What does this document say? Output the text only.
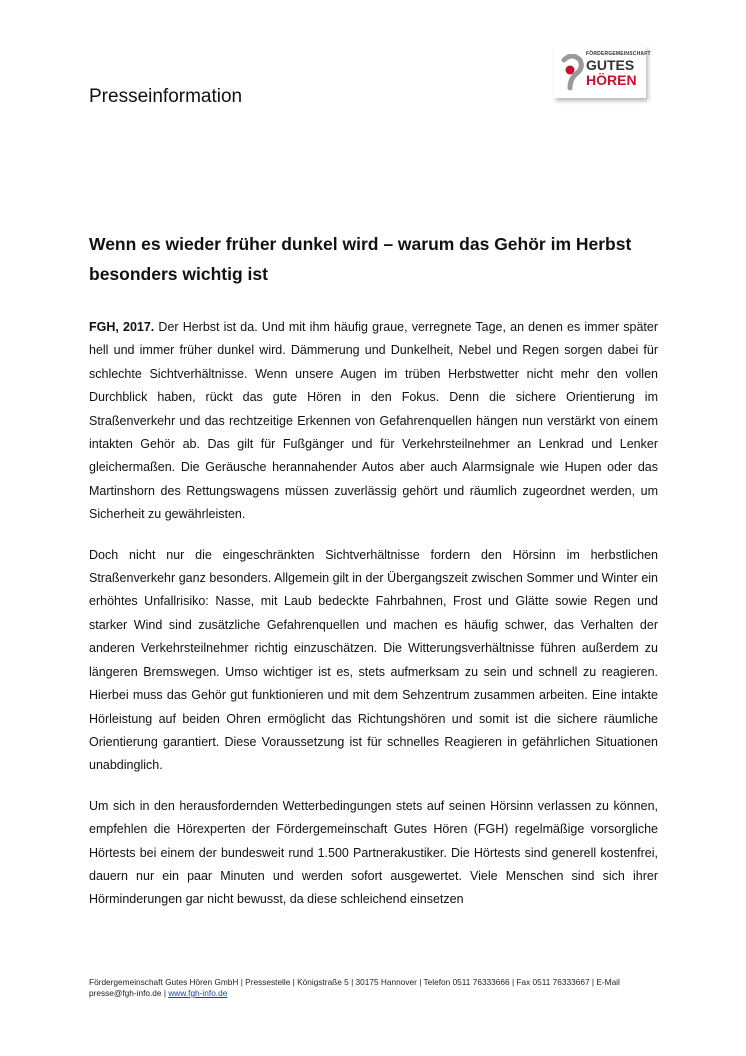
Presseinformation
FÖRDERGEMEINSCHAFT
GUTES
HÖREN
Wenn es wieder früher dunkel wird – warum das Gehör im Herbst besonders wichtig ist

FGH, 2017. Der Herbst ist da. Und mit ihm häufig graue, verregnete Tage, an denen es immer später hell und immer früher dunkel wird. Dämmerung und Dunkelheit, Nebel und Regen sorgen dabei für schlechte Sichtverhältnisse. Wenn unsere Augen im trüben Herbstwetter nicht mehr den vollen Durchblick haben, rückt das gute Hören in den Fokus. Denn die sichere Orientierung im Straßenverkehr und das rechtzeitige Erkennen von Gefahrenquellen hängen nun verstärkt von einem intakten Gehör ab. Das gilt für Fußgänger und für Verkehrsteilnehmer an Lenkrad und Lenker gleichermaßen. Die Geräusche herannahender Autos aber auch Alarmsignale wie Hupen oder das Martinshorn des Rettungswagens müssen zuverlässig gehört und räumlich zugeordnet werden, um Sicherheit zu gewährleisten.

Doch nicht nur die eingeschränkten Sichtverhältnisse fordern den Hörsinn im herbstlichen Straßenverkehr ganz besonders. Allgemein gilt in der Übergangszeit zwischen Sommer und Winter ein erhöhtes Unfallrisiko: Nasse, mit Laub bedeckte Fahrbahnen, Frost und Glätte sowie Regen und starker Wind sind zusätzliche Gefahrenquellen und machen es häufig schwer, das Verhalten der anderen Verkehrsteilnehmer richtig einzuschätzen. Die Witterungsverhältnisse führen außerdem zu längeren Bremswegen. Umso wichtiger ist es, stets aufmerksam zu sein und schnell zu reagieren. Hierbei muss das Gehör gut funktionieren und mit dem Sehzentrum zusammen arbeiten. Eine intakte Hörleistung auf beiden Ohren ermöglicht das Richtungshören und somit ist die sichere räumliche Orientierung garantiert. Diese Voraussetzung ist für schnelles Reagieren in gefährlichen Situationen unabdinglich.

Um sich in den herausfordernden Wetterbedingungen stets auf seinen Hörsinn verlassen zu können, empfehlen die Hörexperten der Fördergemeinschaft Gutes Hören (FGH) regelmäßige vorsorgliche Hörtests bei einem der bundesweit rund 1.500 Partnerakustiker. Die Hörtests sind generell kostenfrei, dauern nur ein paar Minuten und werden sofort ausgewertet. Viele Menschen sind sich ihrer Hörminderungen gar nicht bewusst, da diese schleichend einsetzen

Fördergemeinschaft Gutes Hören GmbH | Pressestelle | Königstraße 5 | 30175 Hannover | Telefon 0511 76333666 | Fax 0511 76333667 | E-Mail presse@fgh-info.de | www.fgh-info.de
